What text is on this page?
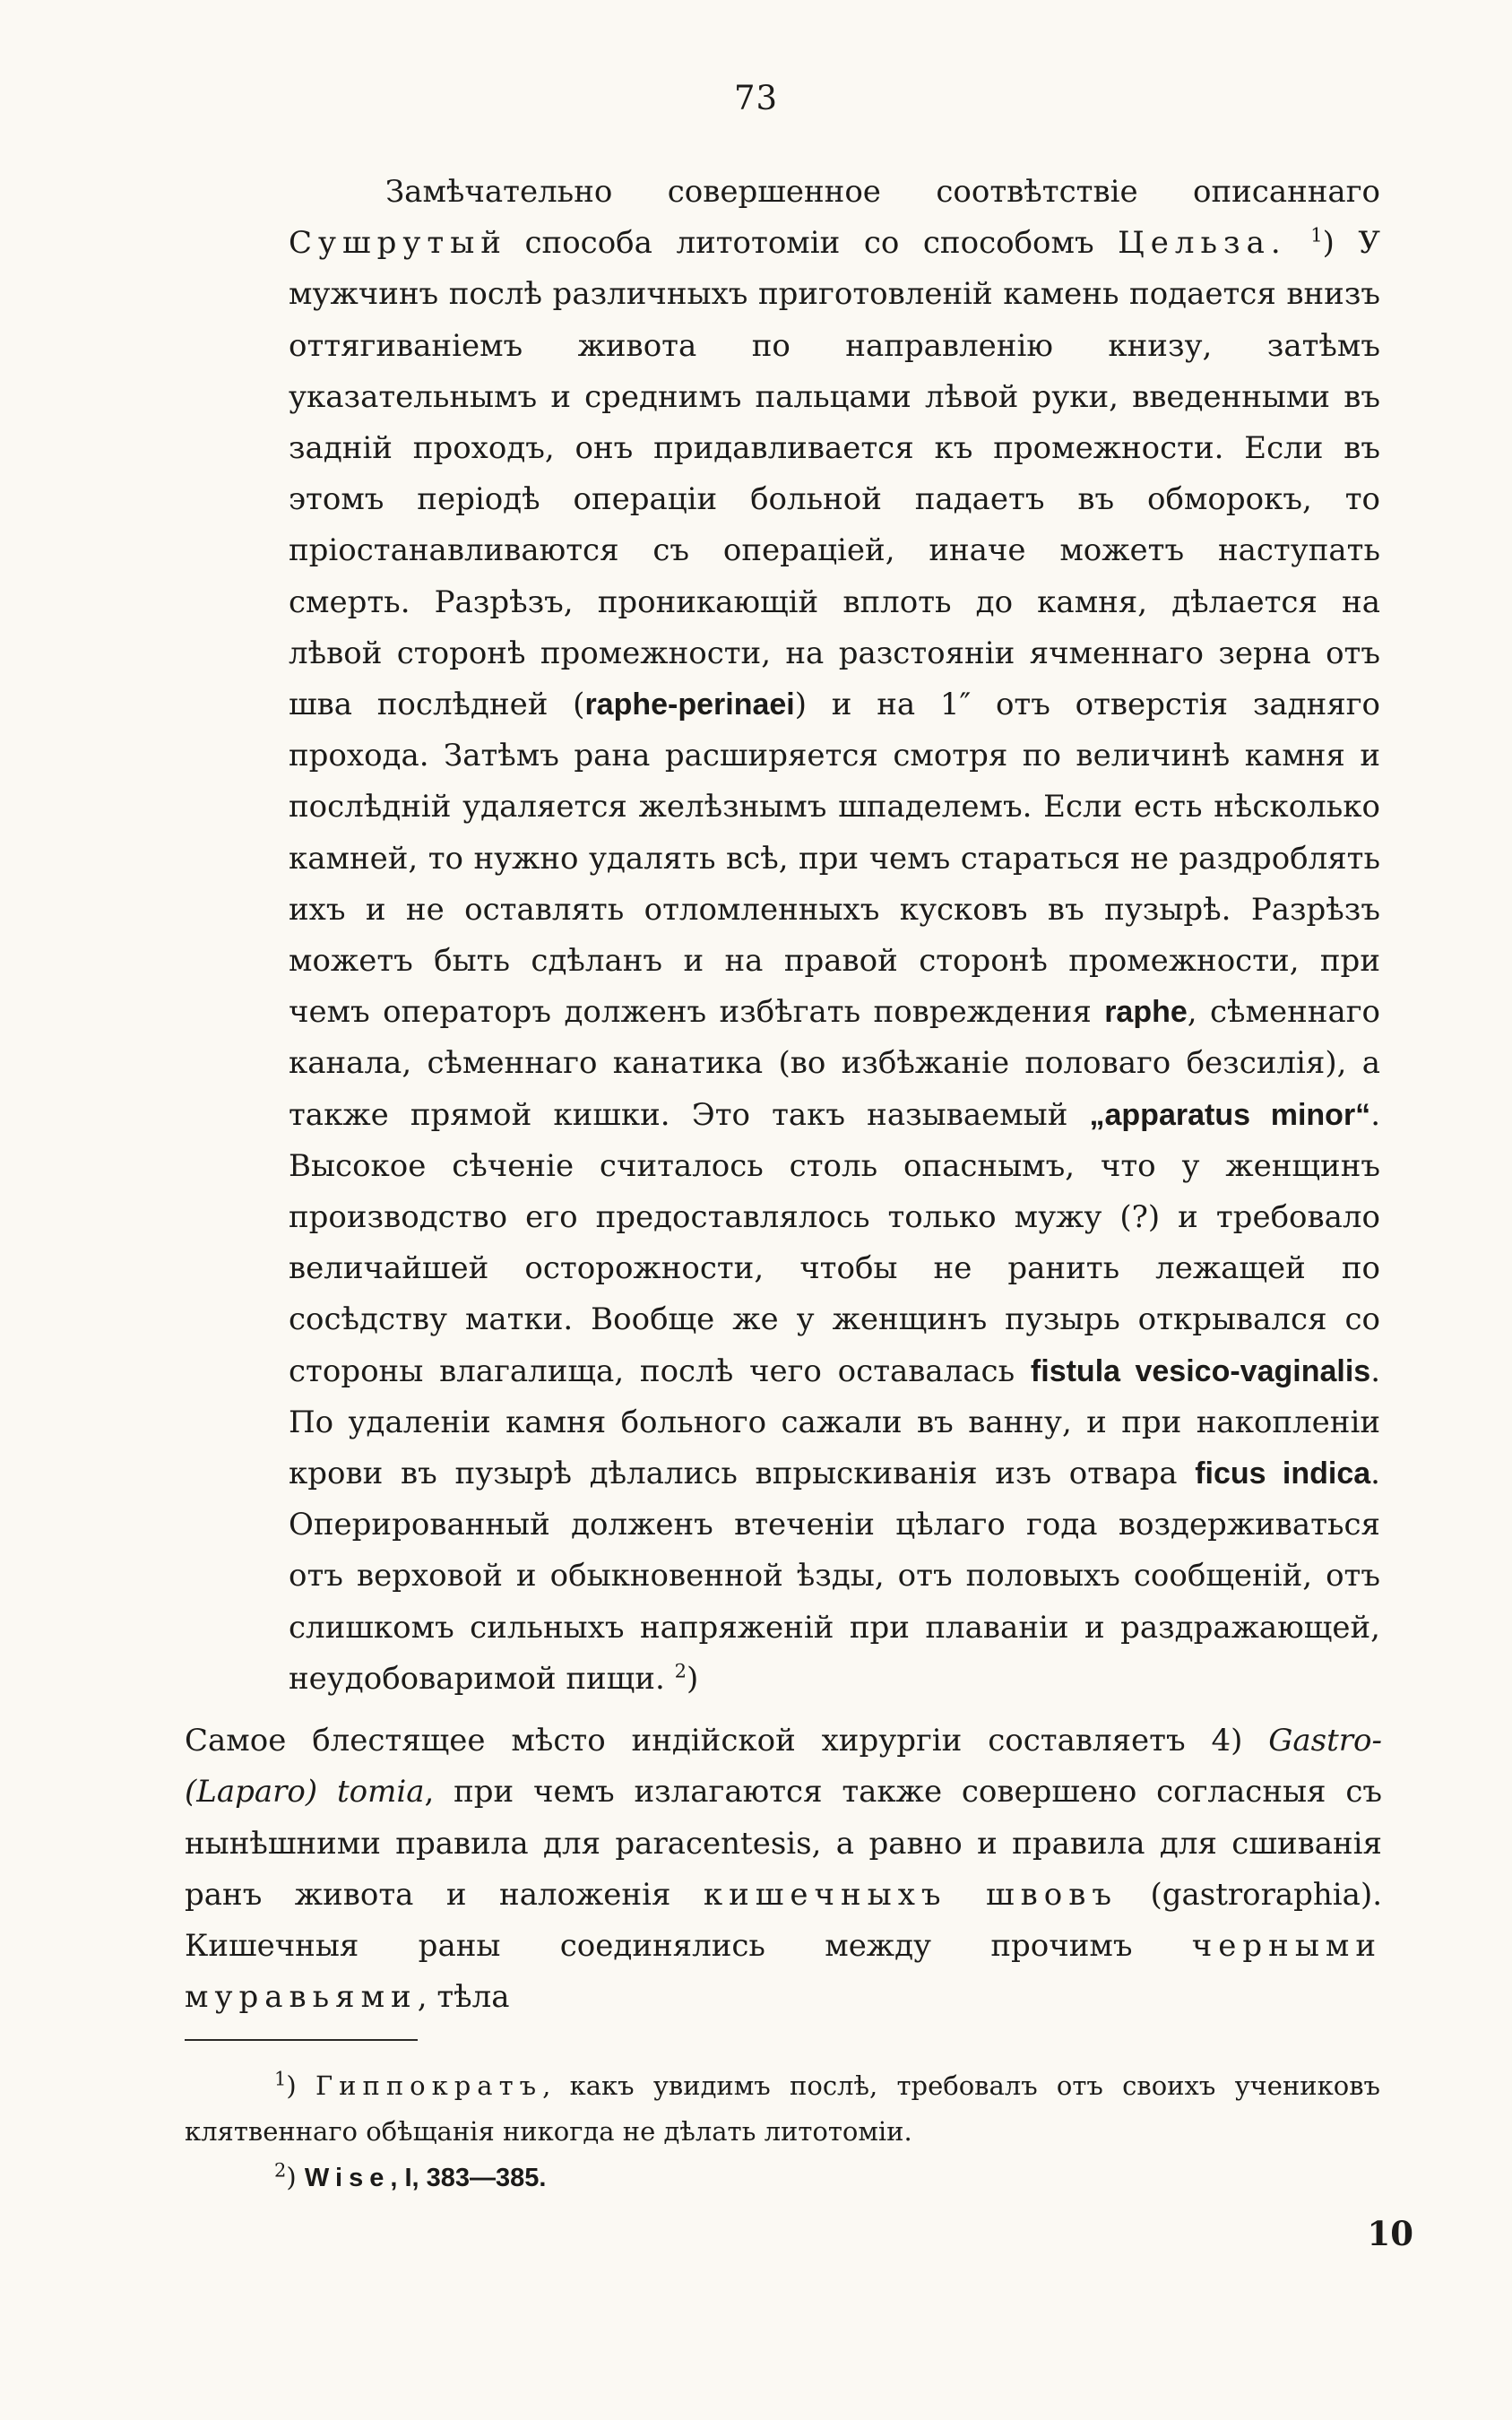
73

Замѣчательно совершенное соотвѣтствіе описаннаго Сушрутый способа литотоміи со способомъ Цельза. $^1$) У мужчинъ послѣ различныхъ приготовленій камень подается внизъ оттягиваніемъ живота по направленію книзу, затѣмъ указательнымъ и среднимъ пальцами лѣвой руки, введенными въ задній проходъ, онъ придавливается къ промежности. Если въ этомъ періодѣ операціи больной падаетъ въ обморокъ, то пріостанавливаются съ операціей, иначе можетъ наступать смерть. Разрѣзъ, проникающій вплоть до камня, дѣлается на лѣвой сторонѣ промежности, на разстояніи ячменнаго зерна отъ шва послѣдней (raphe-perinaei) и на 1″ отъ отверстія задняго прохода. Затѣмъ рана расширяется смотря по величинѣ камня и послѣдній удаляется желѣзнымъ шпаделемъ. Если есть нѣсколько камней, то нужно удалять всѣ, при чемъ стараться не раздроблять ихъ и не оставлять отломленныхъ кусковъ въ пузырѣ. Разрѣзъ можетъ быть сдѣланъ и на правой сторонѣ промежности, при чемъ операторъ долженъ избѣгать повреждения raphe, сѣменнаго канала, сѣменнаго канатика (во избѣжаніе половаго безсилія), а также прямой кишки. Это такъ называемый „apparatus minor“. Высокое сѣченіе считалось столь опаснымъ, что у женщинъ производство его предоставлялось только мужу (?) и требовало величайшей осторожности, чтобы не ранить лежащей по сосѣдству матки. Вообще же у женщинъ пузырь открывался со стороны влагалища, послѣ чего оставалась fistula vesico-vaginalis. По удаленіи камня больного сажали въ ванну, и при накопленіи крови въ пузырѣ дѣлались впрыскиванія изъ отвара ficus indica. Оперированный долженъ втеченіи цѣлаго года воздерживаться отъ верховой и обыкновенной ѣзды, отъ половыхъ сообщеній, отъ слишкомъ сильныхъ напряженій при плаваніи и раздражающей, неудобоваримой пищи. $^2$)

Самое блестящее мѣсто индійской хирургіи составляетъ 4) Gastro-(Laparo) tomia, при чемъ излагаются также совершено согласныя съ нынѣшними правила для paracentesis, а равно и правила для сшиванія ранъ живота и наложенія кишечныхъ швовъ (gastroraphia). Кишечныя раны соединялись между прочимъ черными муравьями, тѣла

$^1$) Гиппократъ, какъ увидимъ послѣ, требовалъ отъ своихъ учениковъ клятвеннаго обѣщанія никогда не дѣлать литотоміи.

$^2$) Wise, I, 383—385.

10
